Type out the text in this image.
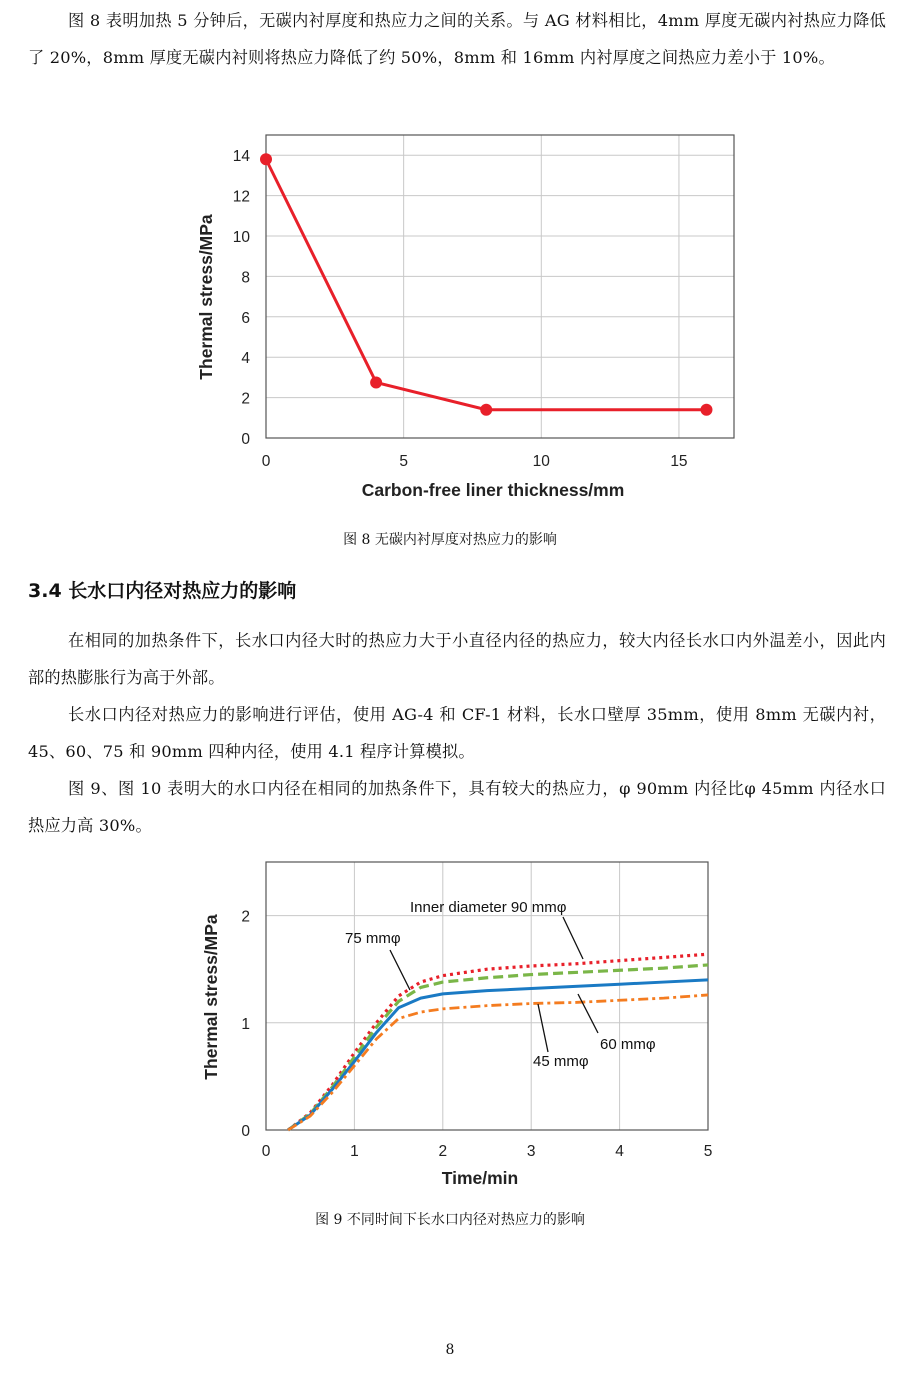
图 8 表明加热 5 分钟后，无碳内衬厚度和热应力之间的关系。与 AG 材料相比，4mm 厚度无碳内衬热应力降低了 20%，8mm 厚度无碳内衬则将热应力降低了约 50%，8mm 和 16mm 内衬厚度之间热应力差小于 10%。

0	5	10	15
0
2
4
6
8
10
12
14
Carbon-free liner thickness/mm
Thermal stress/MPa
图 8 无碳内衬厚度对热应力的影响
3.4 长水口内径对热应力的影响

在相同的加热条件下，长水口内径大时的热应力大于小直径内径的热应力，较大内径长水口内外温差小，因此内部的热膨胀行为高于外部。

长水口内径对热应力的影响进行评估，使用 AG-4 和 CF-1 材料，长水口壁厚 35mm，使用 8mm 无碳内衬，45、60、75 和 90mm 四种内径，使用 4.1 程序计算模拟。

图 9、图 10 表明大的水口内径在相同的加热条件下，具有较大的热应力，φ 90mm 内径比φ 45mm 内径水口热应力高 30%。

0	1	2	3	4	5
0
1
2
Inner diameter 90 mmφ
75 mmφ
60 mmφ
45 mmφ
Time/min
Thermal stress/MPa
图 9 不同时间下长水口内径对热应力的影响
8
